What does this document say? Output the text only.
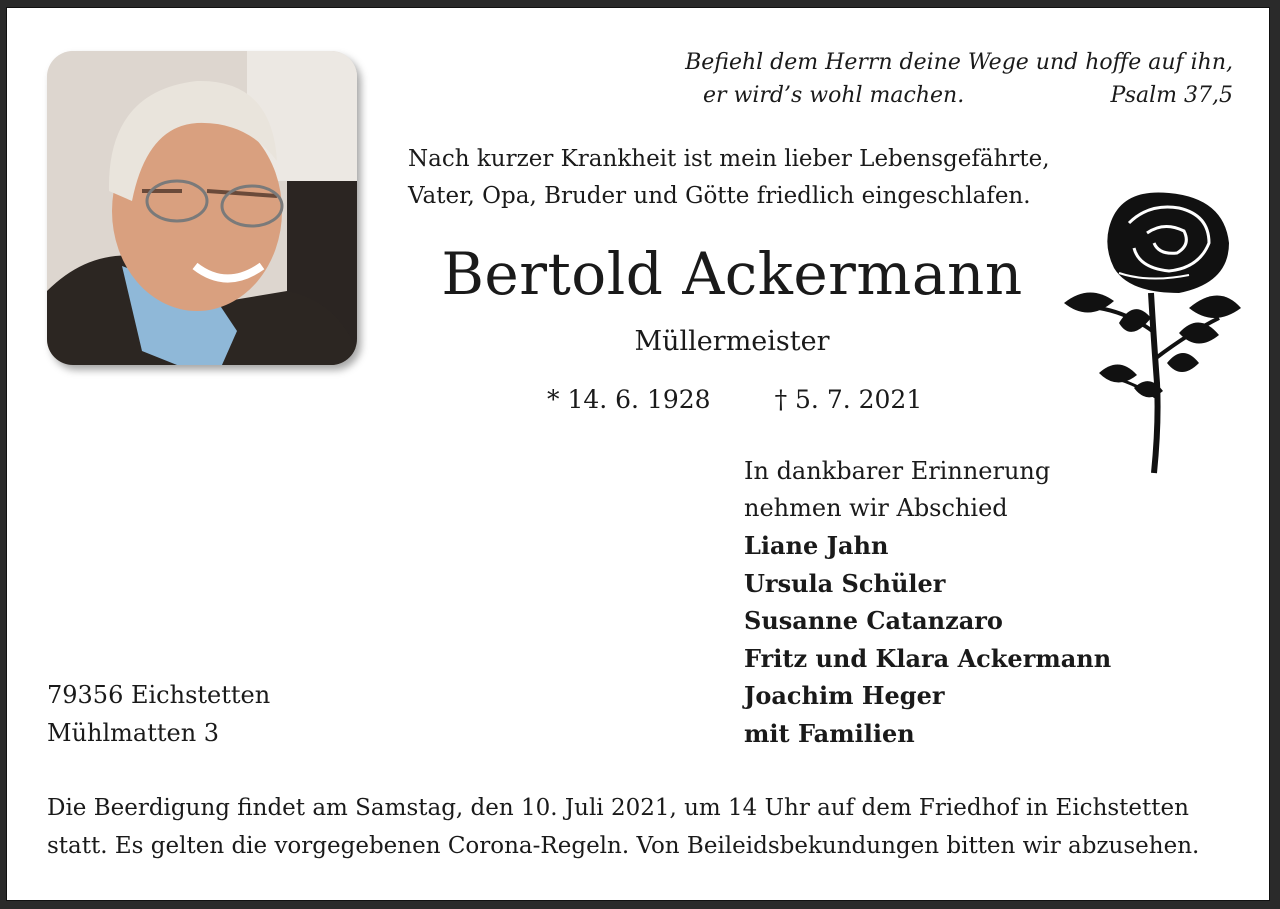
Befiehl dem Herrn deine Wege und hoffe auf ihn,
er wird’s wohl machen.	Psalm 37,5
Nach kurzer Krankheit ist mein lieber Lebensgefährte,
Vater, Opa, Bruder und Götte friedlich eingeschlafen.
Bertold Ackermann
Müllermeister
* 14. 6. 1928	† 5. 7. 2021
In dankbarer Erinnerung
nehmen wir Abschied
Liane Jahn
Ursula Schüler
Susanne Catanzaro
Fritz und Klara Ackermann
Joachim Heger
mit Familien
79356 Eichstetten
Mühlmatten 3
Die Beerdigung findet am Samstag, den 10. Juli 2021, um 14 Uhr auf dem Friedhof in Eichstetten
statt. Es gelten die vorgegebenen Corona-Regeln. Von Beileidsbekundungen bitten wir abzusehen.
